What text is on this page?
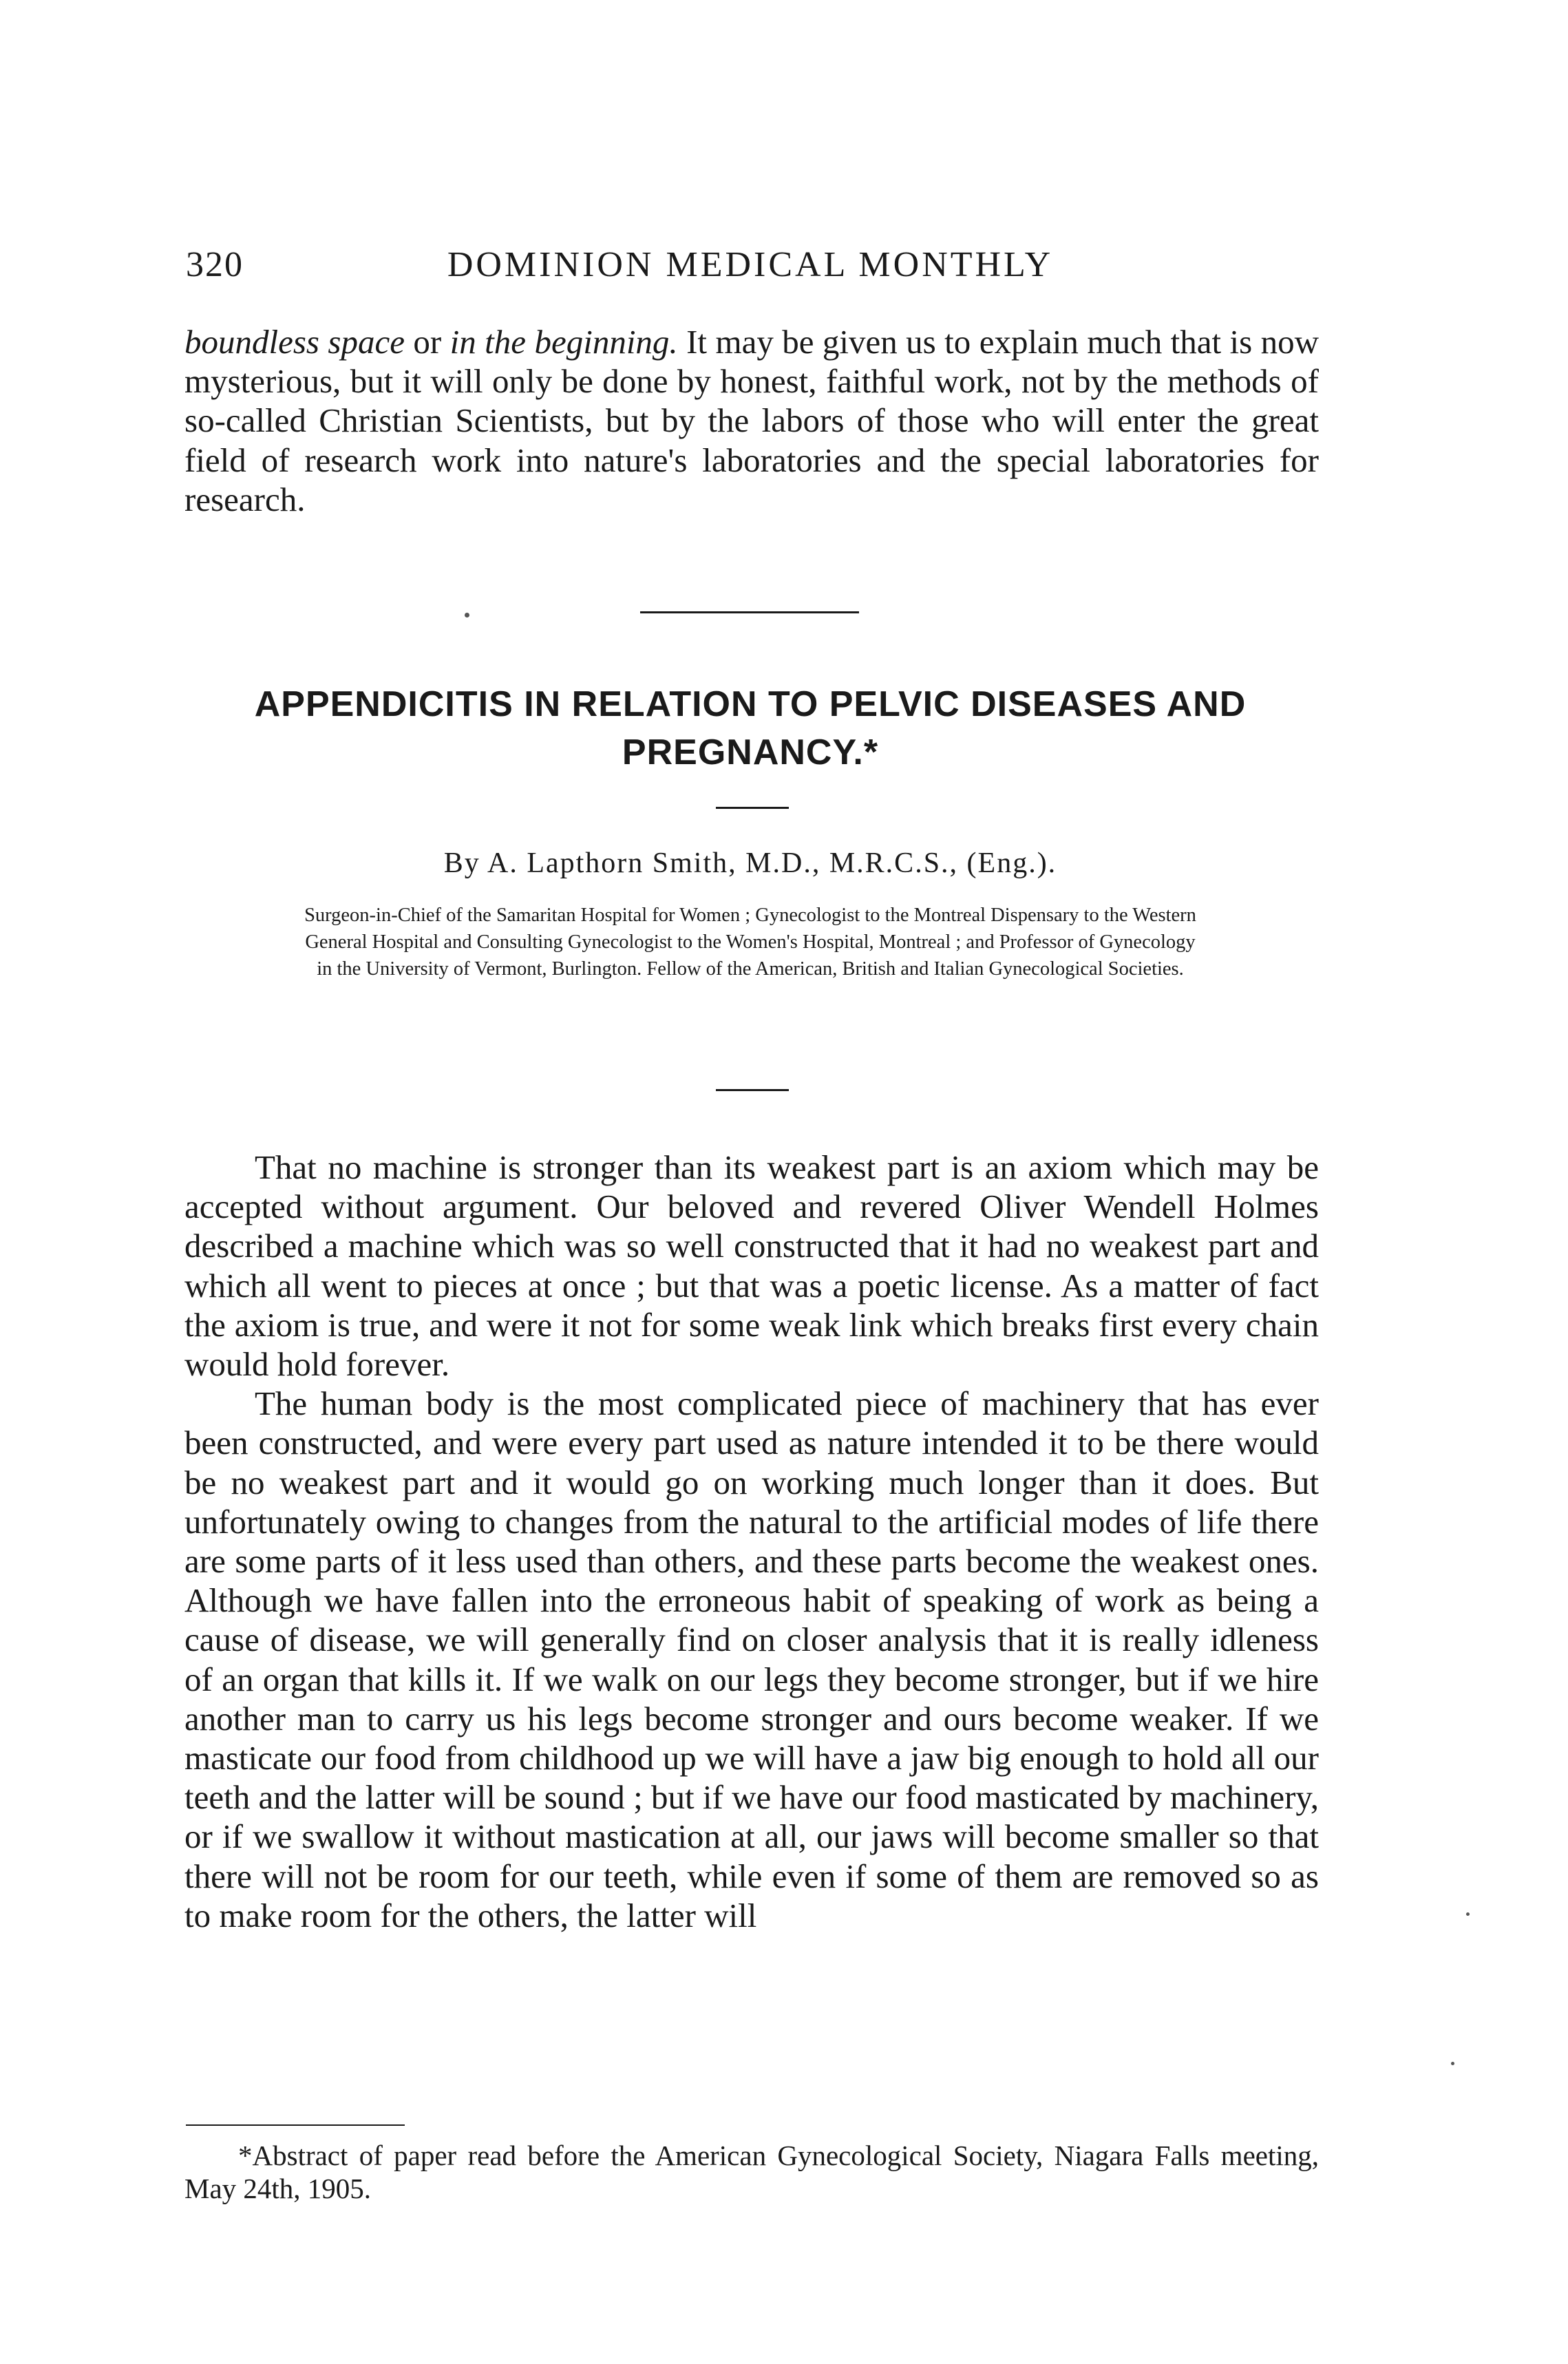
320	DOMINION MEDICAL MONTHLY

boundless space or in the beginning. It may be given us to explain much that is now mysterious, but it will only be done by honest, faithful work, not by the methods of so-called Christian Scientists, but by the labors of those who will enter the great field of research work into nature's laboratories and the special laboratories for research.

APPENDICITIS IN RELATION TO PELVIC DISEASES AND PREGNANCY.*
By A. Lapthorn Smith, M.D., M.R.C.S., (Eng.).

Surgeon-in-Chief of the Samaritan Hospital for Women ; Gynecologist to the Montreal Dispensary to the Western General Hospital and Consulting Gynecologist to the Women's Hospital, Montreal ; and Professor of Gynecology in the University of Vermont, Burlington. Fellow of the American, British and Italian Gynecological Societies.

That no machine is stronger than its weakest part is an axiom which may be accepted without argument. Our beloved and revered Oliver Wendell Holmes described a machine which was so well constructed that it had no weakest part and which all went to pieces at once ; but that was a poetic license. As a matter of fact the axiom is true, and were it not for some weak link which breaks first every chain would hold forever.

The human body is the most complicated piece of machinery that has ever been constructed, and were every part used as nature intended it to be there would be no weakest part and it would go on working much longer than it does. But unfortunately owing to changes from the natural to the artificial modes of life there are some parts of it less used than others, and these parts become the weakest ones. Although we have fallen into the erroneous habit of speaking of work as being a cause of disease, we will generally find on closer analysis that it is really idleness of an organ that kills it. If we walk on our legs they become stronger, but if we hire another man to carry us his legs become stronger and ours become weaker. If we masticate our food from childhood up we will have a jaw big enough to hold all our teeth and the latter will be sound ; but if we have our food masticated by machinery, or if we swallow it without mastication at all, our jaws will become smaller so that there will not be room for our teeth, while even if some of them are removed so as to make room for the others, the latter will

*Abstract of paper read before the American Gynecological Society, Niagara Falls meeting, May 24th, 1905.
